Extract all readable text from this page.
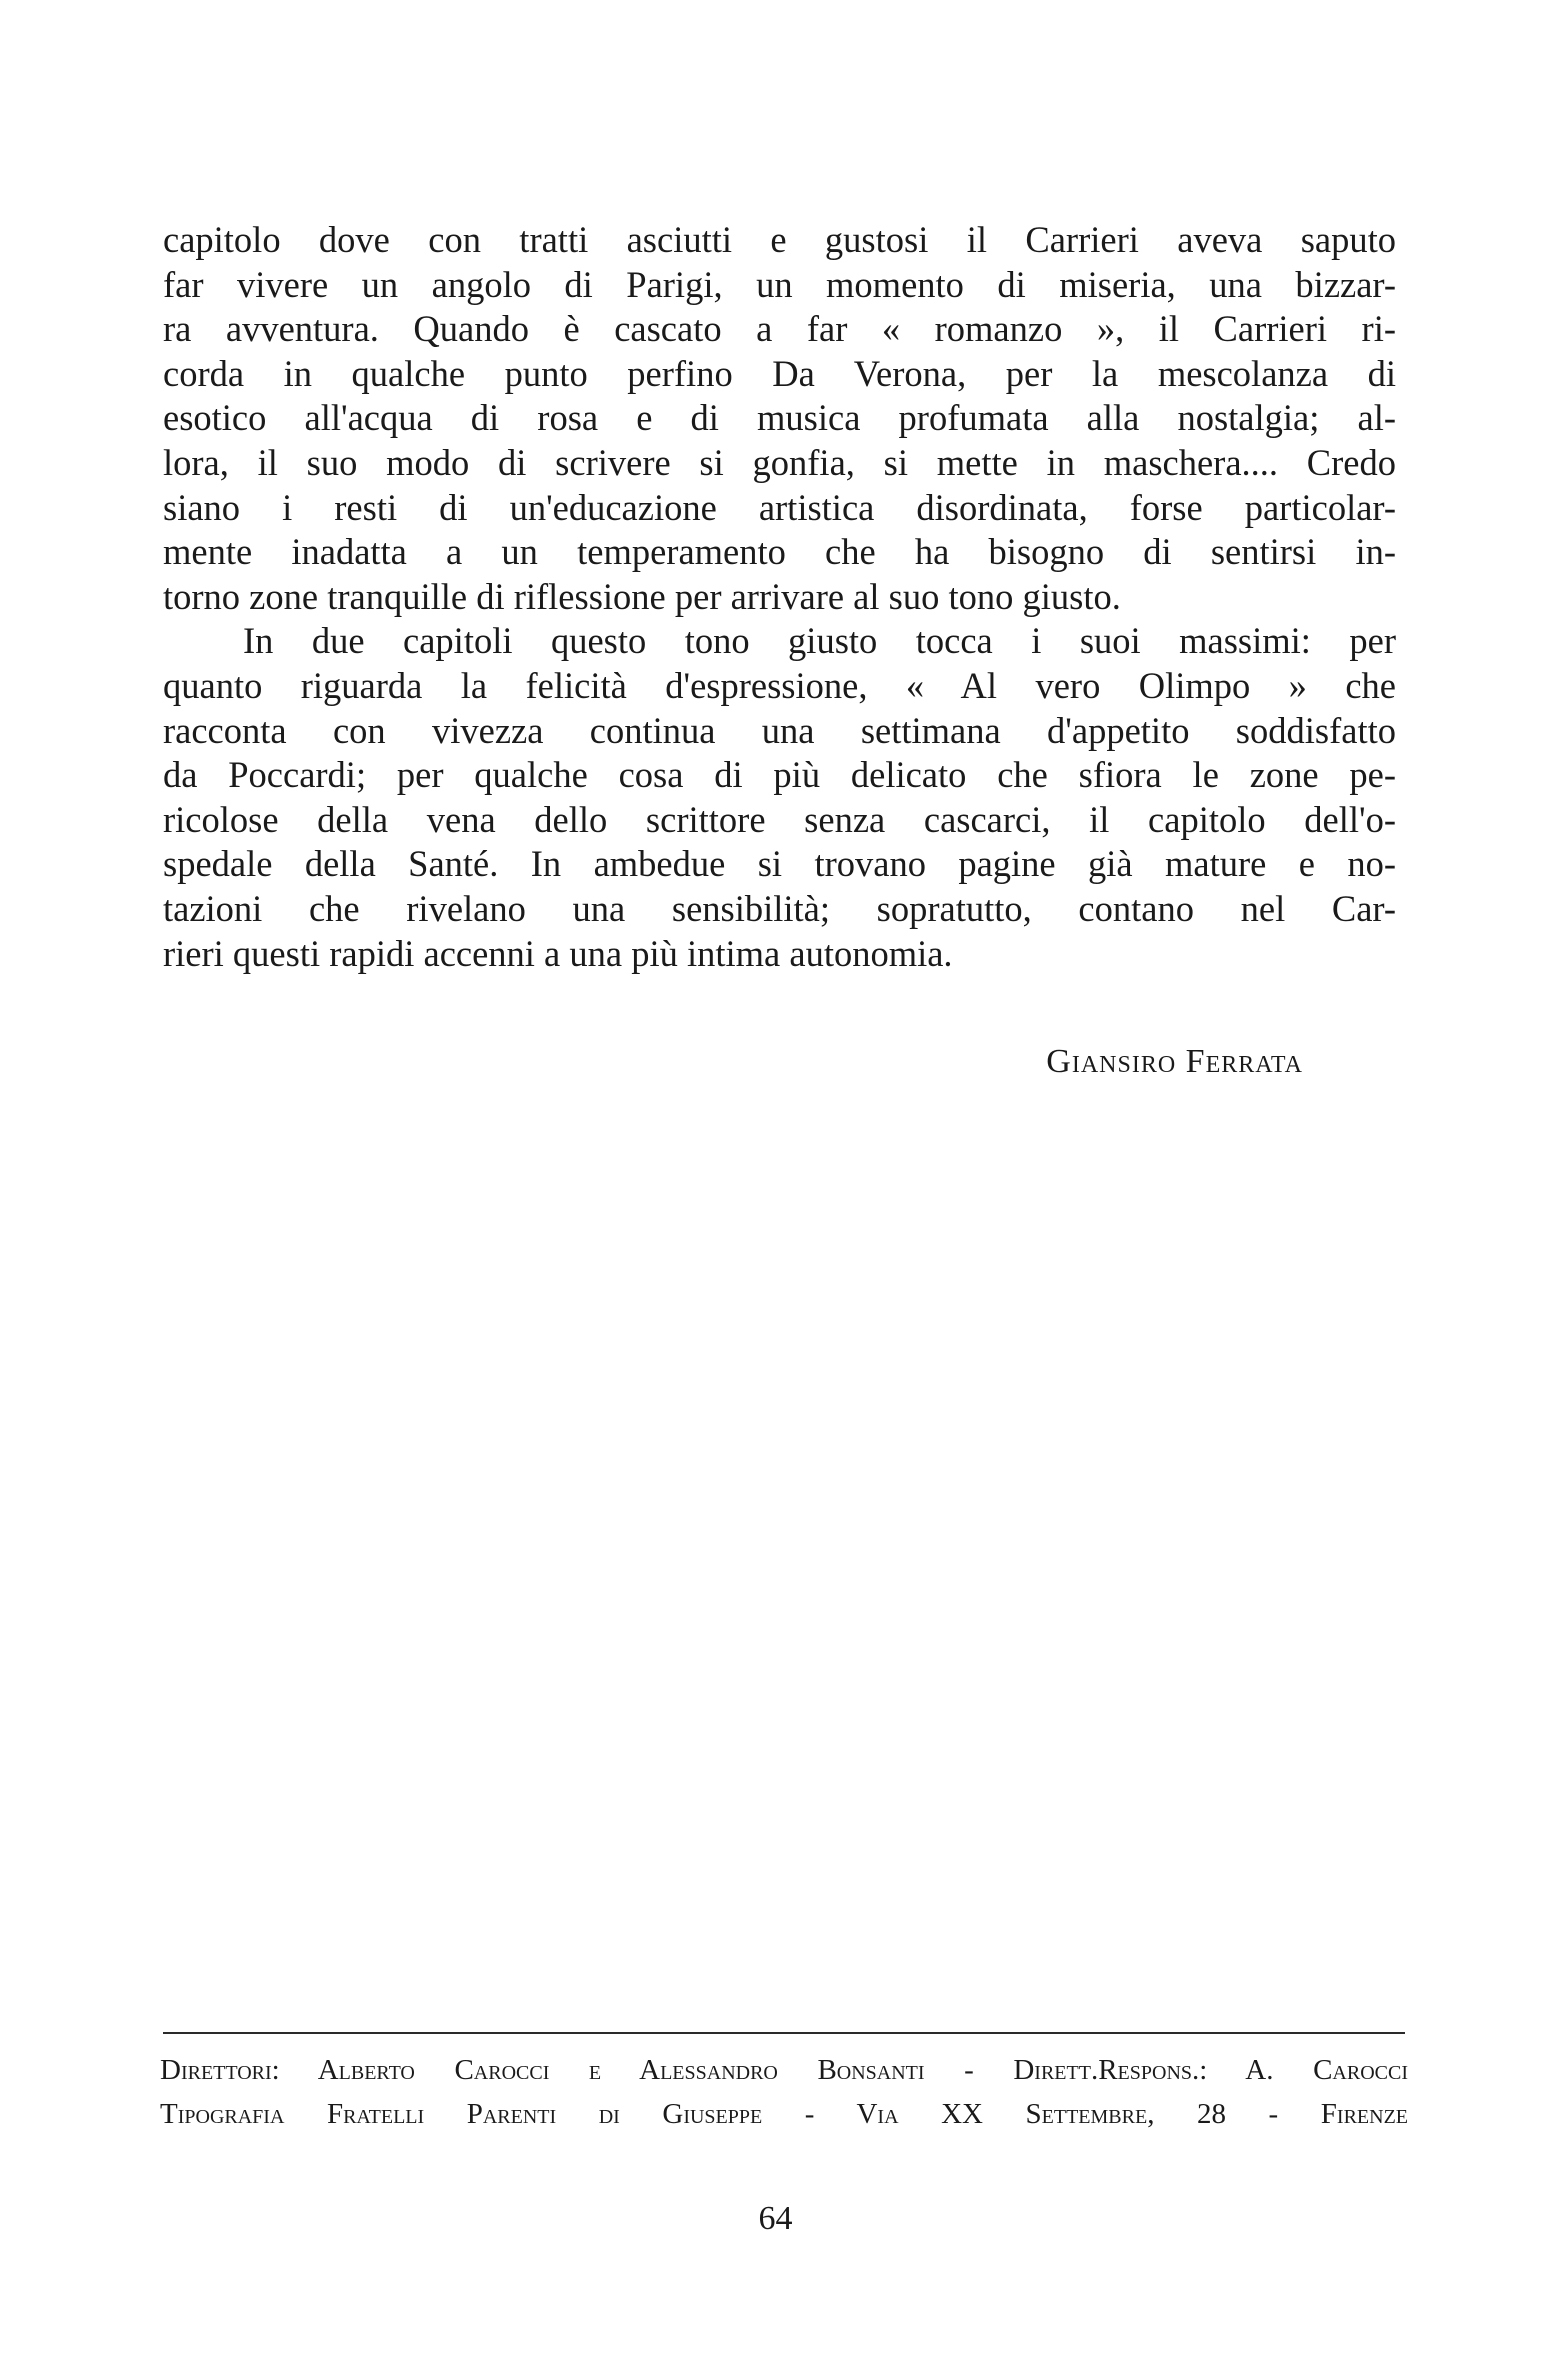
capitolo dove con tratti asciutti e gustosi il Carrieri aveva saputo
far vivere un angolo di Parigi, un momento di miseria, una bizzar-
ra avventura. Quando è cascato a far « romanzo », il Carrieri ri-
corda in qualche punto perfino Da Verona, per la mescolanza di
esotico all'acqua di rosa e di musica profumata alla nostalgia; al-
lora, il suo modo di scrivere si gonfia, si mette in maschera.... Credo
siano i resti di un'educazione artistica disordinata, forse particolar-
mente inadatta a un temperamento che ha bisogno di sentirsi in-
torno zone tranquille di riflessione per arrivare al suo tono giusto.
In due capitoli questo tono giusto tocca i suoi massimi: per
quanto riguarda la felicità d'espressione, « Al vero Olimpo » che
racconta con vivezza continua una settimana d'appetito soddisfatto
da Poccardi; per qualche cosa di più delicato che sfiora le zone pe-
ricolose della vena dello scrittore senza cascarci, il capitolo dell'o-
spedale della Santé. In ambedue si trovano pagine già mature e no-
tazioni che rivelano una sensibilità; sopratutto, contano nel Car-
rieri questi rapidi accenni a una più intima autonomia.
Giansiro Ferrata
Direttori: Alberto Carocci e Alessandro Bonsanti - Dirett.Respons.: A. Carocci
Tipografia Fratelli Parenti di Giuseppe - Via XX Settembre, 28 - Firenze
64
